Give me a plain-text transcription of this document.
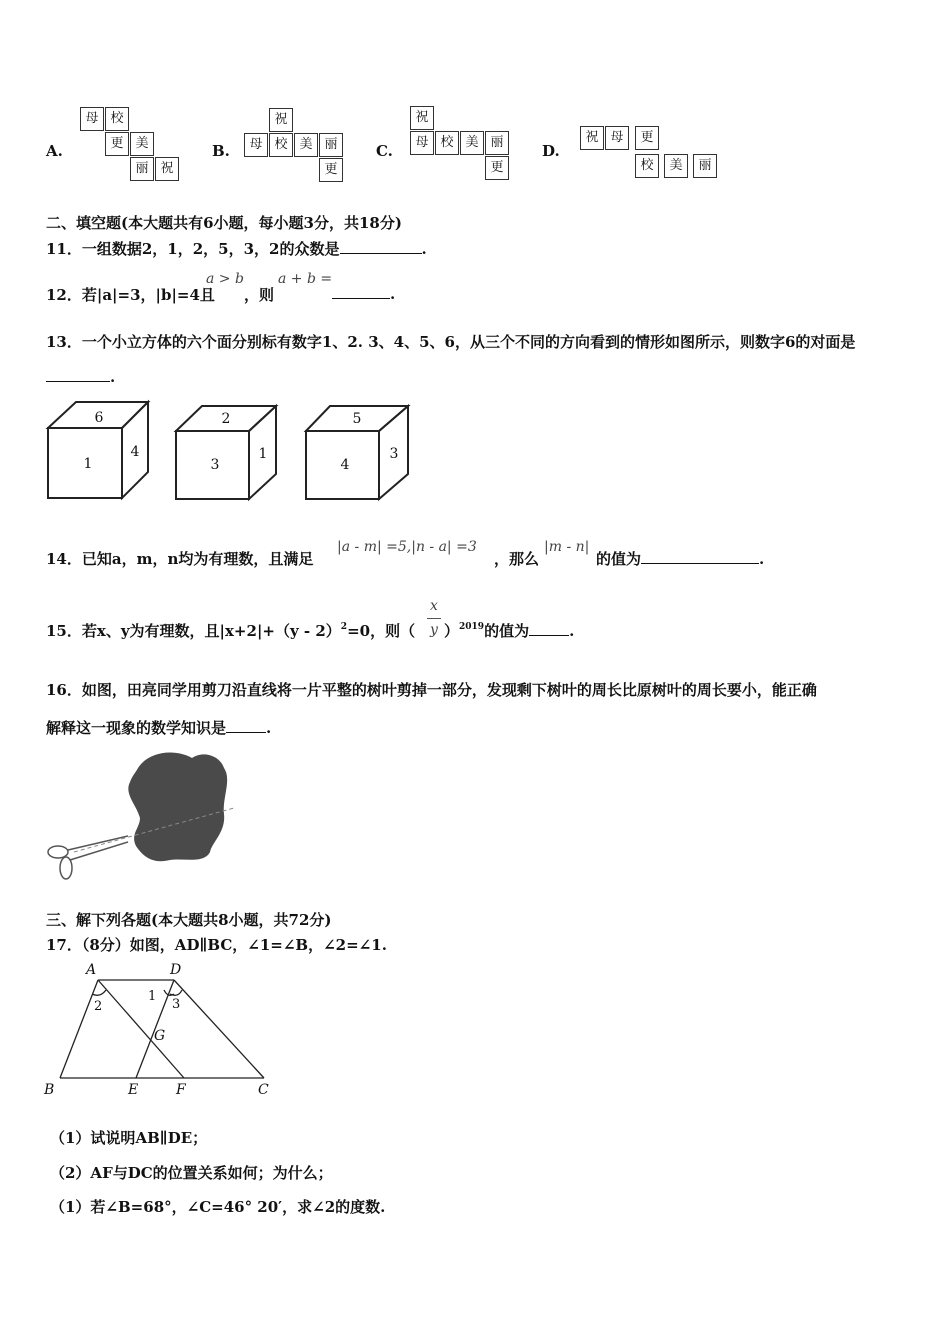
A.
母 校
更 美
丽 祝
B.
祝
母 校 美 丽
更
C.
祝
母 校 美 丽
更
D.
祝 母	更
校	美	丽
二、填空题(本大题共有6小题，每小题3分，共18分)
11．一组数据2，1，2，5，3，2的众数是	.
12．若|a|=3，|b|=4且
a > b
，则
a + b =
.
13．一个小立方体的六个面分别标有数字1、2. 3、4、5、6，从三个不同的方向看到的情形如图所示，则数字6的对面是
.
6
1
4
2
3
1
5
4
3
14．已知a，m，n均为有理数，且满足
|a - m| =5,|n - a| =3
，那么
|m - n|
的值为	.
15．若x、y为有理数，且|x+2|+（y - 2）$^2$=0，则（
x
y ）$^{2019}$的值为	.
16．如图，田亮同学用剪刀沿直线将一片平整的树叶剪掉一部分，发现剩下树叶的周长比原树叶的周长要小，能正确
解释这一现象的数学知识是	.
三、解下列各题(本大题共8小题，共72分)
17．（8分）如图，AD∥BC，∠1=∠B，∠2=∠1.
A	D
B	E	F	C
G
1
2	3
（1）试说明AB∥DE；
（2）AF与DC的位置关系如何；为什么；
（1）若∠B=68°，∠C=46° 20′，求∠2的度数.
